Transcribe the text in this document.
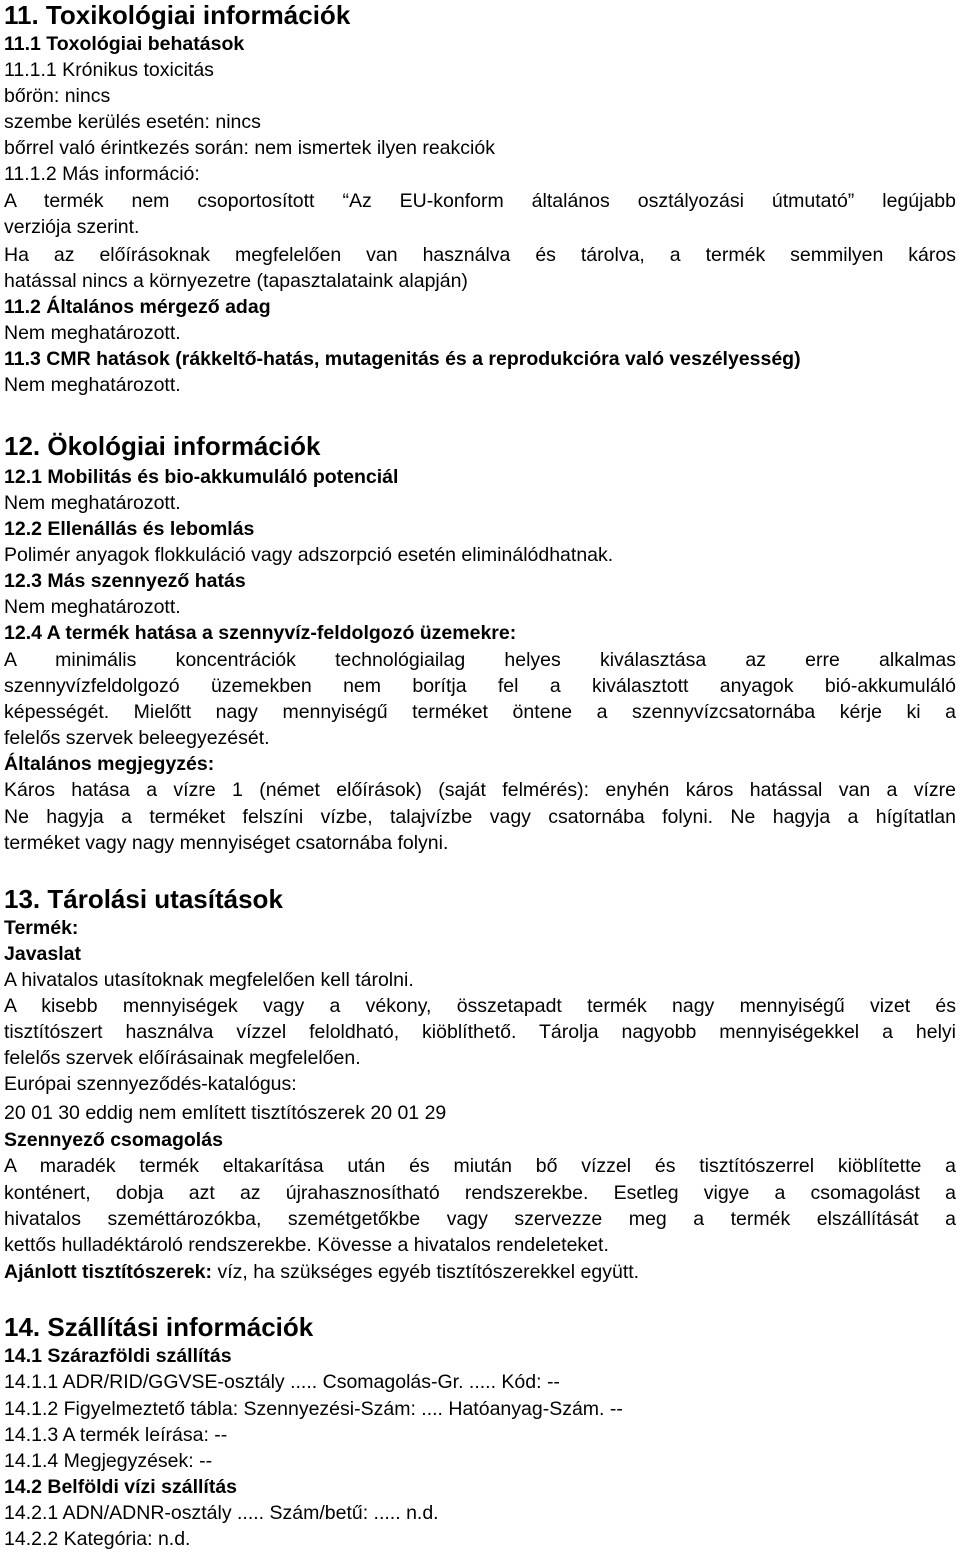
11. Toxikológiai információk
11.1 Toxológiai behatások
11.1.1 Krónikus toxicitás
bőrön: nincs
szembe kerülés esetén: nincs
bőrrel való érintkezés során: nem ismertek ilyen reakciók
11.1.2 Más információ:
A termék nem csoportosított “Az EU-konform általános osztályozási útmutató” legújabb
verziója szerint.
Ha az előírásoknak megfelelően van használva és tárolva, a termék semmilyen káros
hatással nincs a környezetre (tapasztalataink alapján)
11.2 Általános mérgező adag
Nem meghatározott.
11.3 CMR hatások (rákkeltő-hatás, mutagenitás és a reprodukcióra való veszélyesség)
Nem meghatározott.
12. Ökológiai információk
12.1 Mobilitás és bio-akkumuláló potenciál
Nem meghatározott.
12.2 Ellenállás és lebomlás
Polimér anyagok flokkuláció vagy adszorpció esetén eliminálódhatnak.
12.3 Más szennyező hatás
Nem meghatározott.
12.4 A termék hatása a szennyvíz-feldolgozó üzemekre:
A minimális koncentrációk technológiailag helyes kiválasztása az erre alkalmas
szennyvízfeldolgozó üzemekben nem borítja fel a kiválasztott anyagok bió-akkumuláló
képességét. Mielőtt nagy mennyiségű terméket öntene a szennyvízcsatornába kérje ki a
felelős szervek beleegyezését.
Általános megjegyzés:
Káros hatása a vízre 1 (német előírások) (saját felmérés): enyhén káros hatással van a vízre
Ne hagyja a terméket felszíni vízbe, talajvízbe vagy csatornába folyni. Ne hagyja a hígítatlan
terméket vagy nagy mennyiséget csatornába folyni.
13. Tárolási utasítások
Termék:
Javaslat
A hivatalos utasítoknak megfelelően kell tárolni.
A kisebb mennyiségek vagy a vékony, összetapadt termék nagy mennyiségű vizet és
tisztítószert használva vízzel feloldható, kiöblíthető. Tárolja nagyobb mennyiségekkel a helyi
felelős szervek előírásainak megfelelően.
Európai szennyeződés-katalógus:
20 01 30 eddig nem említett tisztítószerek 20 01 29
Szennyező csomagolás
A maradék termék eltakarítása után és miután bő vízzel és tisztítószerrel kiöblítette a
konténert, dobja azt az újrahasznosítható rendszerekbe. Esetleg vigye a csomagolást a
hivatalos szeméttározókba, szemétgetőkbe vagy szervezze meg a termék elszállítását a
kettős hulladéktároló rendszerekbe. Kövesse a hivatalos rendeleteket.
Ajánlott tisztítószerek: víz, ha szükséges egyéb tisztítószerekkel együtt.
14. Szállítási információk
14.1 Szárazföldi szállítás
14.1.1 ADR/RID/GGVSE-osztály ..... Csomagolás-Gr. ..... Kód: --
14.1.2 Figyelmeztető tábla: Szennyezési-Szám: .... Hatóanyag-Szám. --
14.1.3 A termék leírása: --
14.1.4 Megjegyzések: --
14.2 Belföldi vízi szállítás
14.2.1 ADN/ADNR-osztály ..... Szám/betű: ..... n.d.
14.2.2 Kategória: n.d.
